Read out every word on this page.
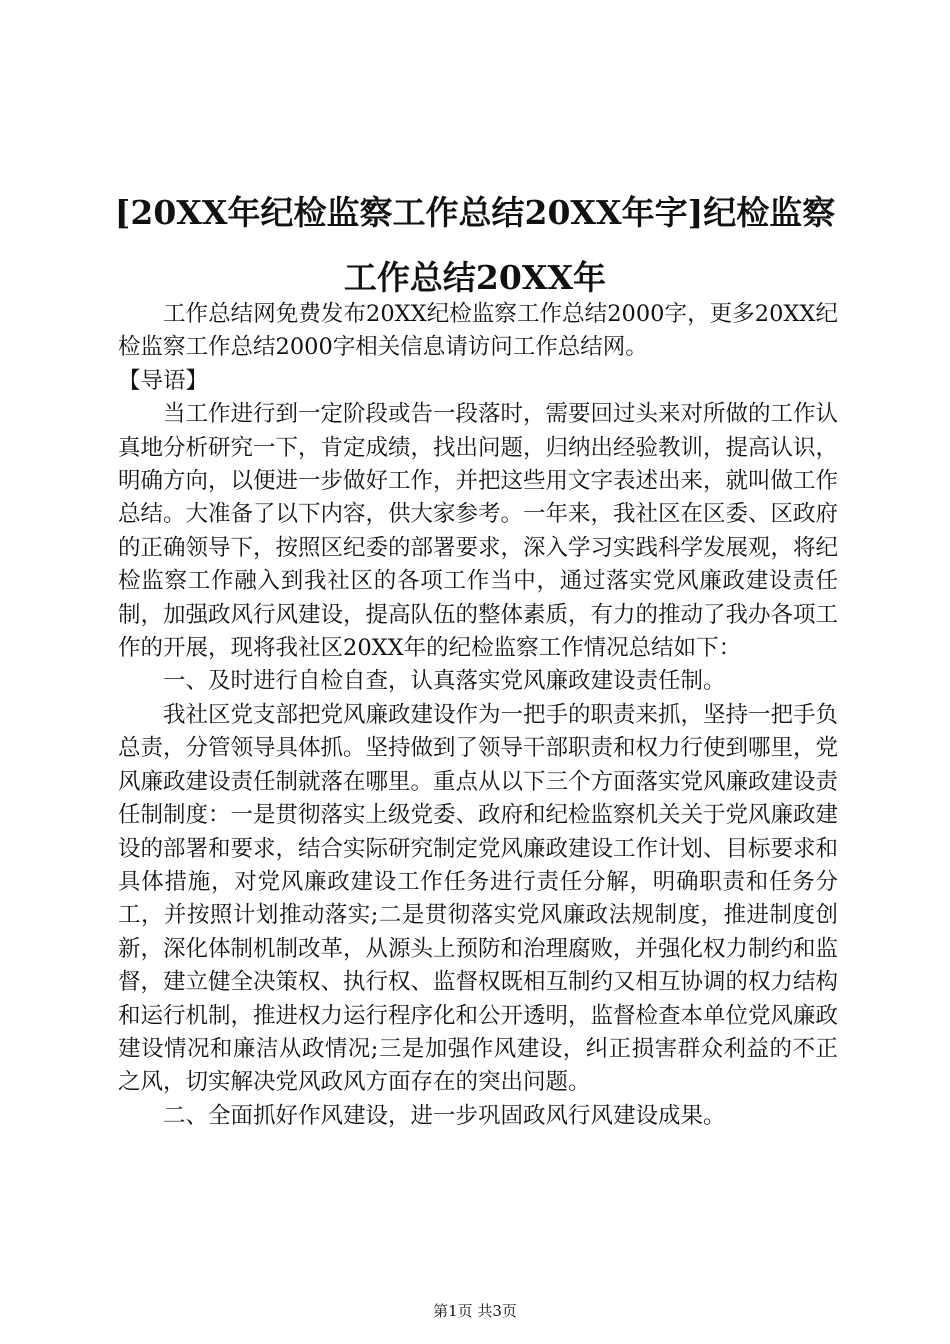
[20XX年纪检监察工作总结20XX年字]纪检监察工作总结20XX年

工作总结网免费发布20XX纪检监察工作总结2000字，更多20XX纪检监察工作总结2000字相关信息请访问工作总结网。

【导语】

当工作进行到一定阶段或告一段落时，需要回过头来对所做的工作认真地分析研究一下，肯定成绩，找出问题，归纳出经验教训，提高认识，明确方向，以便进一步做好工作，并把这些用文字表述出来，就叫做工作总结。大准备了以下内容，供大家参考。一年来，我社区在区委、区政府的正确领导下，按照区纪委的部署要求，深入学习实践科学发展观，将纪检监察工作融入到我社区的各项工作当中，通过落实党风廉政建设责任制，加强政风行风建设，提高队伍的整体素质，有力的推动了我办各项工作的开展，现将我社区20XX年的纪检监察工作情况总结如下：

一、及时进行自检自查，认真落实党风廉政建设责任制。

我社区党支部把党风廉政建设作为一把手的职责来抓，坚持一把手负总责，分管领导具体抓。坚持做到了领导干部职责和权力行使到哪里，党风廉政建设责任制就落在哪里。重点从以下三个方面落实党风廉政建设责任制制度：一是贯彻落实上级党委、政府和纪检监察机关关于党风廉政建设的部署和要求，结合实际研究制定党风廉政建设工作计划、目标要求和具体措施，对党风廉政建设工作任务进行责任分解，明确职责和任务分工，并按照计划推动落实;二是贯彻落实党风廉政法规制度，推进制度创新，深化体制机制改革，从源头上预防和治理腐败，并强化权力制约和监督，建立健全决策权、执行权、监督权既相互制约又相互协调的权力结构和运行机制，推进权力运行程序化和公开透明，监督检查本单位党风廉政建设情况和廉洁从政情况;三是加强作风建设，纠正损害群众利益的不正之风，切实解决党风政风方面存在的突出问题。

二、全面抓好作风建设，进一步巩固政风行风建设成果。

第1页 共3页
